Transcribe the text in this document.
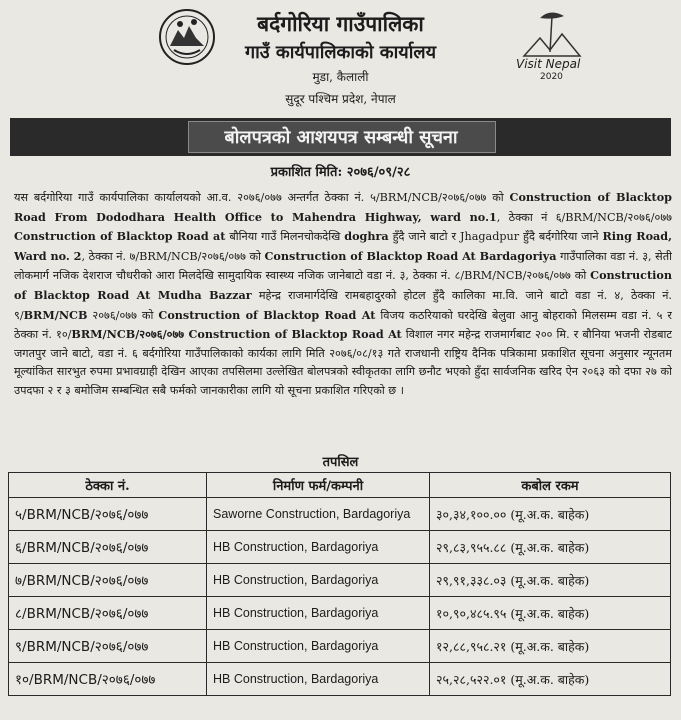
बर्दगोरिया गाउँपालिका
गाउँ कार्यपालिकाको कार्यालय
मुडा, कैलाली
सुदूर पश्चिम प्रदेश, नेपाल
Visit Nepal
2020
बोलपत्रको आशयपत्र सम्बन्धी सूचना
प्रकाशित मिति: २०७६/०९/२८
यस बर्दगोरिया गाउँ कार्यपालिका कार्यालयको आ.व. २०७६/०७७ अन्तर्गत ठेक्का नं. ५/BRM/NCB/२०७६/०७७ को Construction of Blacktop Road From Dododhara Health Office to Mahendra Highway, ward no.1, ठेक्का नं ६/BRM/NCB/२०७६/०७७ Construction of Blacktop Road at बौनिया गाउँ मिलनचोकदेखि doghra हुँदै जाने बाटो र Jhagadpur हुँदै बर्दगोरिया जाने Ring Road, Ward no. 2, ठेक्का नं. ७/BRM/NCB/२०७६/०७७ को Construction of Blacktop Road At Bardagoriya गाउँपालिका वडा नं. ३, सेती लोकमार्ग नजिक देशराज चौधरीको आरा मिलदेखि सामुदायिक स्वास्थ्य नजिक जानेबाटो वडा नं. ३, ठेक्का नं. ८/BRM/NCB/२०७६/०७७ को Construction of Blacktop Road At Mudha Bazzar महेन्द्र राजमार्गदेखि रामबहादुरको होटल हुँदै कालिका मा.वि. जाने बाटो वडा नं. ४, ठेक्का नं. ९/BRM/NCB २०७६/०७७ को Construction of Blacktop Road At विजय कठरियाको घरदेखि बेलुवा आनु बोहराको मिलसम्म वडा नं. ५ र ठेक्का नं. १०/BRM/NCB/२०७६/०७७ Construction of Blacktop Road At विशाल नगर महेन्द्र राजमार्गबाट २०० मि. र बौनिया भजनी रोडबाट जगतपुर जाने बाटो, वडा नं. ६ बर्दगोरिया गाउँपालिकाको कार्यका लागि मिति २०७६/०८/१३ गते राजधानी राष्ट्रिय दैनिक पत्रिकामा प्रकाशित सूचना अनुसार न्यूनतम मूल्यांकित सारभुत रुपमा प्रभावग्राही देखिन आएका तपसिलमा उल्लेखित बोलपत्रको स्वीकृतका लागि छनौट भएको हुँदा सार्वजनिक खरिद ऐन २०६३ को दफा २७ को उपदफा २ र ३ बमोजिम सम्बन्धित सबै फर्मको जानकारीका लागि यो सूचना प्रकाशित गरिएको छ ।
तपसिल
ठेक्का नं.	निर्माण फर्म/कम्पनी	कबोल रकम
५/BRM/NCB/२०७६/०७७	Saworne Construction, Bardagoriya	३०,३४,१००.०० (मू.अ.क. बाहेक)
६/BRM/NCB/२०७६/०७७	HB Construction, Bardagoriya	२९,८३,९५५.८८ (मू.अ.क. बाहेक)
७/BRM/NCB/२०७६/०७७	HB Construction, Bardagoriya	२९,९१,३३८.०३ (मू.अ.क. बाहेक)
८/BRM/NCB/२०७६/०७७	HB Construction, Bardagoriya	१०,९०,४८५.९५ (मू.अ.क. बाहेक)
९/BRM/NCB/२०७६/०७७	HB Construction, Bardagoriya	१२,८८,९५८.२१ (मू.अ.क. बाहेक)
१०/BRM/NCB/२०७६/०७७	HB Construction, Bardagoriya	२५,२८,५२२.०१ (मू.अ.क. बाहेक)
